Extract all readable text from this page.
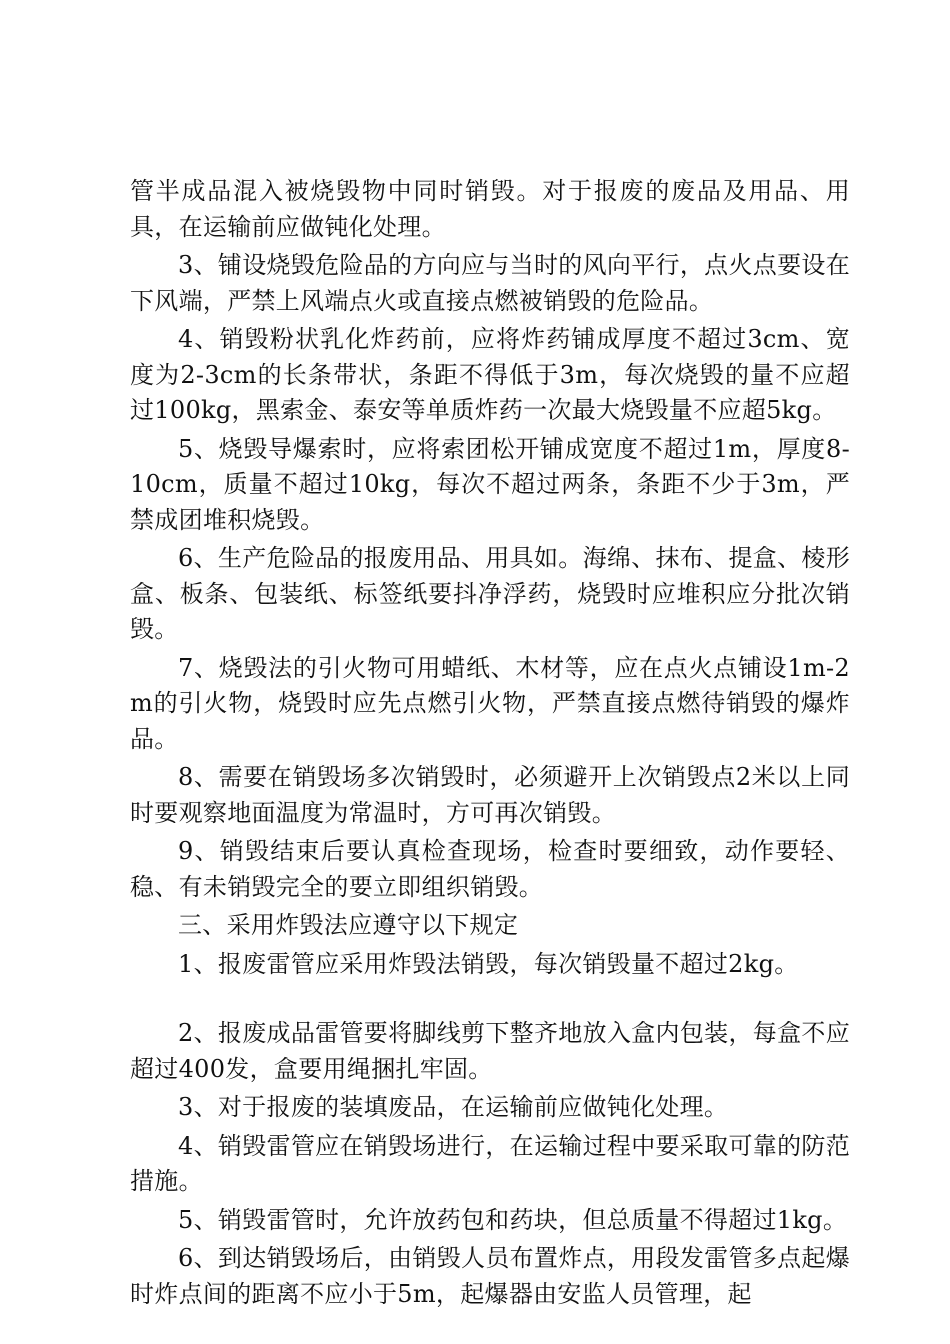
管半成品混入被烧毁物中同时销毁。对于报废的废品及用品、用具，在运输前应做钝化处理。

3、铺设烧毁危险品的方向应与当时的风向平行，点火点要设在下风端，严禁上风端点火或直接点燃被销毁的危险品。

4、销毁粉状乳化炸药前，应将炸药铺成厚度不超过3cm、宽度为2-3cm的长条带状，条距不得低于3m，每次烧毁的量不应超过100kg，黑索金、泰安等单质炸药一次最大烧毁量不应超5kg。

5、烧毁导爆索时，应将索团松开铺成宽度不超过1m，厚度8-10cm，质量不超过10kg，每次不超过两条，条距不少于3m，严禁成团堆积烧毁。

6、生产危险品的报废用品、用具如。海绵、抹布、提盒、棱形盒、板条、包装纸、标签纸要抖净浮药，烧毁时应堆积应分批次销毁。

7、烧毁法的引火物可用蜡纸、木材等，应在点火点铺设1m-2m的引火物，烧毁时应先点燃引火物，严禁直接点燃待销毁的爆炸品。

8、需要在销毁场多次销毁时，必须避开上次销毁点2米以上同时要观察地面温度为常温时，方可再次销毁。

9、销毁结束后要认真检查现场，检查时要细致，动作要轻、稳、有未销毁完全的要立即组织销毁。

三、采用炸毁法应遵守以下规定

1、报废雷管应采用炸毁法销毁，每次销毁量不超过2kg。

2、报废成品雷管要将脚线剪下整齐地放入盒内包装，每盒不应超过400发，盒要用绳捆扎牢固。

3、对于报废的装填废品，在运输前应做钝化处理。

4、销毁雷管应在销毁场进行，在运输过程中要采取可靠的防范措施。

5、销毁雷管时，允许放药包和药块，但总质量不得超过1kg。

6、到达销毁场后，由销毁人员布置炸点，用段发雷管多点起爆时炸点间的距离不应小于5m，起爆器由安监人员管理，起
